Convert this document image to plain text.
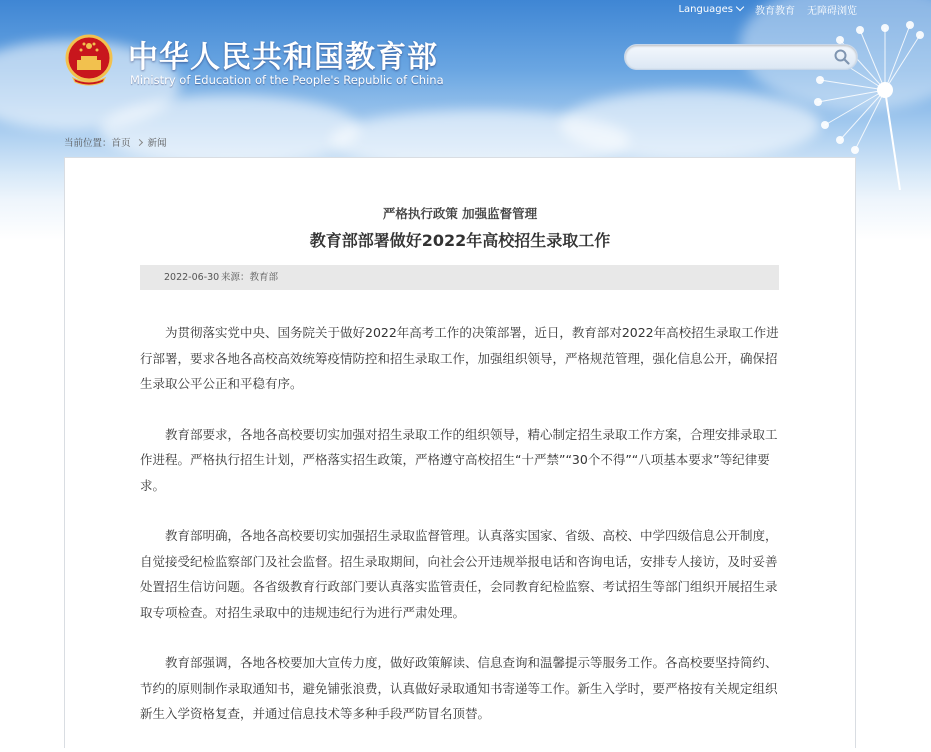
Languages	教育教育 无障碍浏览
中华人民共和国教育部
Ministry of Education of the People's Republic of China
当前位置： 首页 新闻
严格执行政策 加强监督管理
教育部部署做好2022年高校招生录取工作
2022-06-30 来源：教育部

为贯彻落实党中央、国务院关于做好2022年高考工作的决策部署，近日，教育部对2022年高校招生录取工作进行部署，要求各地各高校高效统筹疫情防控和招生录取工作，加强组织领导，严格规范管理，强化信息公开，确保招生录取公平公正和平稳有序。

教育部要求，各地各高校要切实加强对招生录取工作的组织领导，精心制定招生录取工作方案，合理安排录取工作进程。严格执行招生计划，严格落实招生政策，严格遵守高校招生“十严禁”“30个不得”“八项基本要求”等纪律要求。

教育部明确，各地各高校要切实加强招生录取监督管理。认真落实国家、省级、高校、中学四级信息公开制度，自觉接受纪检监察部门及社会监督。招生录取期间，向社会公开违规举报电话和咨询电话，安排专人接访，及时妥善处置招生信访问题。各省级教育行政部门要认真落实监管责任，会同教育纪检监察、考试招生等部门组织开展招生录取专项检查。对招生录取中的违规违纪行为进行严肃处理。

教育部强调，各地各校要加大宣传力度，做好政策解读、信息查询和温馨提示等服务工作。各高校要坚持简约、节约的原则制作录取通知书，避免铺张浪费，认真做好录取通知书寄递等工作。新生入学时，要严格按有关规定组织新生入学资格复查，并通过信息技术等多种手段严防冒名顶替。
